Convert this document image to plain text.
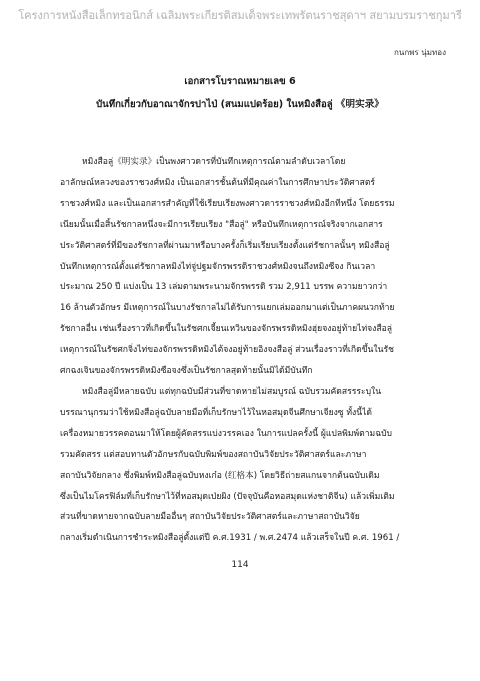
โครงการหนังสือเล็กทรอนิกส์ เฉลิมพระเกียรติสมเด็จพระเทพรัตนราชสุดาฯ สยามบรมราชกุมารี
กนกพร นุ่มทอง
เอกสารโบราณหมายเลข 6
บันทึกเกี่ยวกับอาณาจักรปาไป่ (สนมแปดร้อย) ในหมิงสือลู่ 《明实录》
หมิงสือลู่《明实录》เป็นพงศาวดารที่บันทึกเหตุการณ์ตามลำดับเวลาโดย
อาลักษณ์หลวงของราชวงศ์หมิง เป็นเอกสารชั้นต้นที่มีคุณค่าในการศึกษาประวัติศาสตร์
ราชวงศ์หมิง และเป็นเอกสารสำคัญที่ใช้เรียบเรียงพงศาวดารราชวงศ์หมิงอีกทีหนึ่ง โดยธรรม
เนียมนั้นเมื่อสิ้นรัชกาลหนึ่งจะมีการเรียบเรียง "สือลู่" หรือบันทึกเหตุการณ์จริงจากเอกสาร
ประวัติศาสตร์ที่มีของรัชกาลที่ผ่านมาหรือบางครั้งก็เริ่มเรียบเรียงตั้งแต่รัชกาลนั้นๆ หมิงสือลู่
บันทึกเหตุการณ์ตั้งแต่รัชกาลหมิงไท่จู่ปฐมจักรพรรดิราชวงศ์หมิงจนถึงหมิงซีจง กินเวลา
ประมาณ 250 ปี แบ่งเป็น 13 เล่มตามพระนามจักรพรรดิ รวม 2,911 บรรพ ความยาวกว่า
16 ล้านตัวอักษร มีเหตุการณ์ในบางรัชกาลไม่ได้รับการแยกเล่มออกมาแต่เป็นภาคผนวกท้าย
รัชกาลอื่น เช่นเรื่องราวที่เกิดขึ้นในรัชศกเจี้ยนเหวินของจักรพรรดิหมิงฮุ่ยจงอยู่ท้ายไท่จงสือลู่
เหตุการณ์ในรัชศกจิ่งไท่ของจักรพรรดิหมิงไต้จงอยู่ท้ายอิงจงสือลู่ ส่วนเรื่องราวที่เกิดขึ้นในรัช
ศกฉงเจินของจักรพรรดิหมิงซือจงซึ่งเป็นรัชกาลสุดท้ายนั้นมิได้มีบันทึก
หมิงสือลู่มีหลายฉบับ แต่ทุกฉบับมีส่วนที่ขาดหายไม่สมบูรณ์ ฉบับรวมคัดสรรระบุใน
บรรณานุกรมว่าใช้หมิงสือลู่ฉบับลายมือที่เก็บรักษาไว้ในหอสมุดจีนศึกษาเจียงซู ทั้งนี้ได้
เครื่องหมายวรรคตอนมาให้โดยผู้คัดสรรแบ่งวรรคเอง ในการแปลครั้งนี้ ผู้แปลพิมพ์ตามฉบับ
รวมคัดสรร แต่สอบทานตัวอักษรกับฉบับพิมพ์ของสถาบันวิจัยประวัติศาสตร์และภาษา
สถาบันวิจัยกลาง ซึ่งพิมพ์หมิงสือลู่ฉบับหงเก๋อ (红格本) โดยวิธีถ่ายสแกนจากต้นฉบับเดิม
ซึ่งเป็นไมโครฟิล์มที่เก็บรักษาไว้ที่หอสมุดเป่ยผิง (ปัจจุบันคือหอสมุดแห่งชาติจีน) แล้วเพิ่มเติม
ส่วนที่ขาดหายจากฉบับลายมืออื่นๆ สถาบันวิจัยประวัติศาสตร์และภาษาสถาบันวิจัย
กลางเริ่มดำเนินการชำระหมิงสือลู่ตั้งแต่ปี ค.ศ.1931 / พ.ศ.2474 แล้วเสร็จในปี ค.ศ. 1961 /
114
